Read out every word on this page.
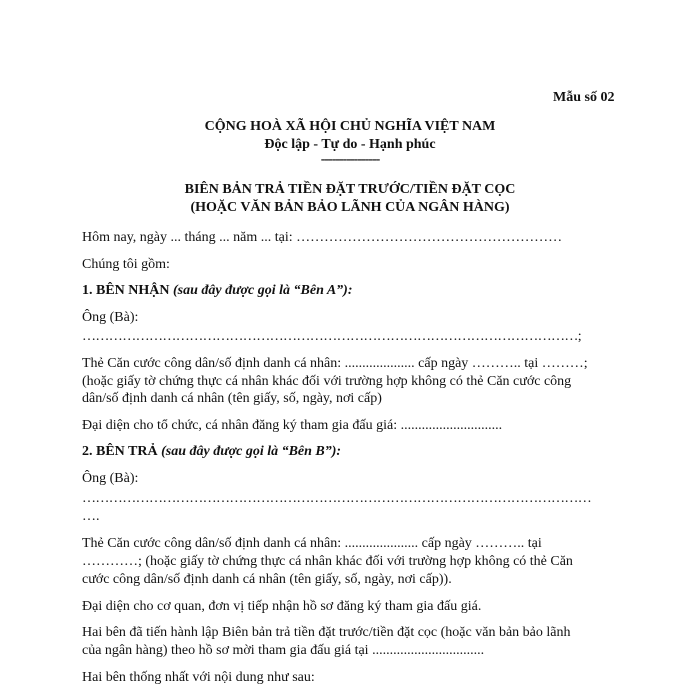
Mẫu số 02
CỘNG HOÀ XÃ HỘI CHỦ NGHĨA VIỆT NAM
Độc lập - Tự do - Hạnh phúc
----------------
BIÊN BẢN TRẢ TIỀN ĐẶT TRƯỚC/TIỀN ĐẶT CỌC
(HOẶC VĂN BẢN BẢO LÃNH CỦA NGÂN HÀNG)
Hôm nay, ngày ... tháng ... năm ... tại: …………………………………………………
Chúng tôi gồm:
1. BÊN NHẬN (sau đây được gọi là “Bên A”):
Ông (Bà):
…………………………………………………………………………………………………;
Thẻ Căn cước công dân/số định danh cá nhân: .................... cấp ngày ……….. tại ………;
(hoặc giấy tờ chứng thực cá nhân khác đối với trường hợp không có thẻ Căn cước công
dân/số định danh cá nhân (tên giấy, số, ngày, nơi cấp)
Đại diện cho tổ chức, cá nhân đăng ký tham gia đấu giá: .............................
2. BÊN TRẢ (sau đây được gọi là “Bên B”):
Ông (Bà):
……………………………………………………………………………………………………
….
Thẻ Căn cước công dân/số định danh cá nhân: ..................... cấp ngày ……….. tại
…………; (hoặc giấy tờ chứng thực cá nhân khác đối với trường hợp không có thẻ Căn
cước công dân/số định danh cá nhân (tên giấy, số, ngày, nơi cấp)).
Đại diện cho cơ quan, đơn vị tiếp nhận hồ sơ đăng ký tham gia đấu giá.
Hai bên đã tiến hành lập Biên bản trả tiền đặt trước/tiền đặt cọc (hoặc văn bản bảo lãnh
của ngân hàng) theo hồ sơ mời tham gia đấu giá tại ................................
Hai bên thống nhất với nội dung như sau:
